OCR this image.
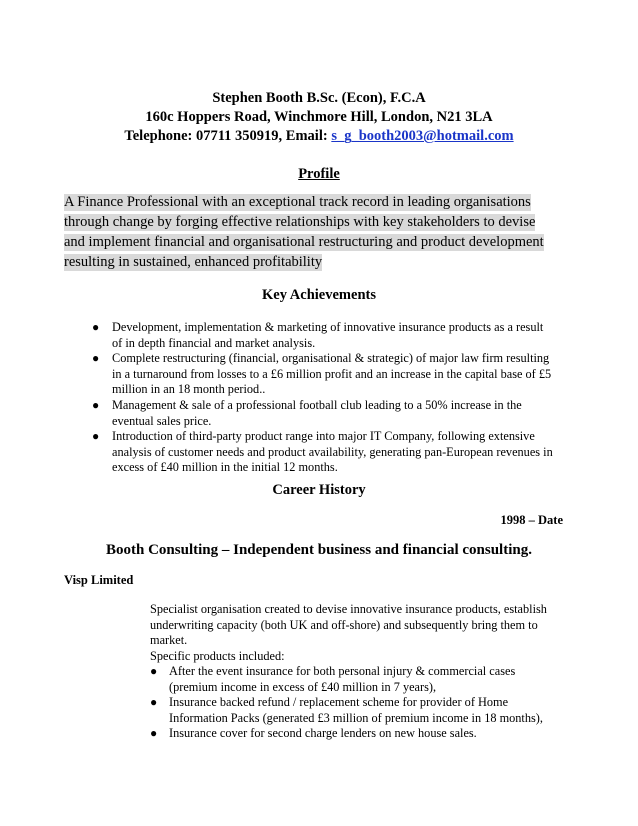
Stephen Booth B.Sc. (Econ), F.C.A
160c Hoppers Road, Winchmore Hill, London, N21 3LA
Telephone: 07711 350919, Email: s_g_booth2003@hotmail.com
Profile
A Finance Professional with an exceptional track record in leading organisations
through change by forging effective relationships with key stakeholders to devise
and implement financial and organisational restructuring and product development
resulting in sustained, enhanced profitability
Key Achievements
● Development, implementation & marketing of innovative insurance products as a result
of in depth financial and market analysis.
● Complete restructuring (financial, organisational & strategic) of major law firm resulting
in a turnaround from losses to a £6 million profit and an increase in the capital base of £5
million in an 18 month period..
● Management & sale of a professional football club leading to a 50% increase in the
eventual sales price.
● Introduction of third-party product range into major IT Company, following extensive
analysis of customer needs and product availability, generating pan-European revenues in
excess of £40 million in the initial 12 months.
Career History
1998 – Date
Booth Consulting – Independent business and financial consulting.
Visp Limited
Specialist organisation created to devise innovative insurance products, establish
underwriting capacity (both UK and off-shore) and subsequently bring them to
market.
Specific products included:
● After the event insurance for both personal injury & commercial cases
(premium income in excess of £40 million in 7 years),
● Insurance backed refund / replacement scheme for provider of Home
Information Packs (generated £3 million of premium income in 18 months),
● Insurance cover for second charge lenders on new house sales.
